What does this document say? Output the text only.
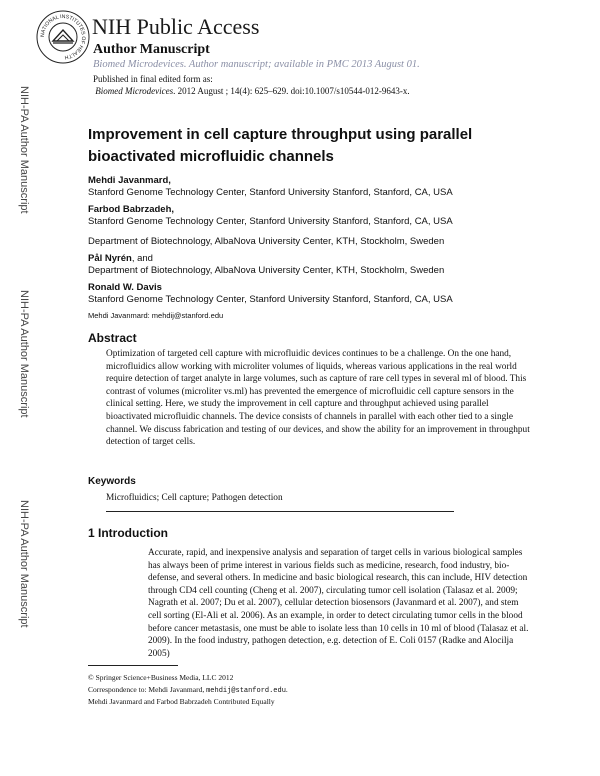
NATIONAL INSTITUTES OF HEALTH
NIH Public Access
Author Manuscript
Biomed Microdevices. Author manuscript; available in PMC 2013 August 01.
Published in final edited form as:
Biomed Microdevices. 2012 August ; 14(4): 625–629. doi:10.1007/s10544-012-9643-x.
NIH-PA Author Manuscript
NIH-PA Author Manuscript
NIH-PA Author Manuscript
Improvement in cell capture throughput using parallel bioactivated microfluidic channels
Mehdi Javanmard,
Stanford Genome Technology Center, Stanford University Stanford, Stanford, CA, USA
Farbod Babrzadeh,
Stanford Genome Technology Center, Stanford University Stanford, Stanford, CA, USA
Department of Biotechnology, AlbaNova University Center, KTH, Stockholm, Sweden
Pål Nyrén, and
Department of Biotechnology, AlbaNova University Center, KTH, Stockholm, Sweden
Ronald W. Davis
Stanford Genome Technology Center, Stanford University Stanford, Stanford, CA, USA
Mehdi Javanmard: mehdij@stanford.edu
Abstract
Optimization of targeted cell capture with microfluidic devices continues to be a challenge. On the one hand, microfluidics allow working with microliter volumes of liquids, whereas various applications in the real world require detection of target analyte in large volumes, such as capture of rare cell types in several ml of blood. This contrast of volumes (microliter vs.ml) has prevented the emergence of microfluidic cell capture sensors in the clinical setting. Here, we study the improvement in cell capture and throughput achieved using parallel bioactivated microfluidic channels. The device consists of channels in parallel with each other tied to a single channel. We discuss fabrication and testing of our devices, and show the ability for an improvement in throughput detection of target cells.
Keywords
Microfluidics; Cell capture; Pathogen detection
1 Introduction
Accurate, rapid, and inexpensive analysis and separation of target cells in various biological samples has always been of prime interest in various fields such as medicine, research, food industry, bio-defense, and several others. In medicine and basic biological research, this can include, HIV detection through CD4 cell counting (Cheng et al. 2007), circulating tumor cell isolation (Talasaz et al. 2009; Nagrath et al. 2007; Du et al. 2007), cellular detection biosensors (Javanmard et al. 2007), and stem cell sorting (El-Ali et al. 2006). As an example, in order to detect circulating tumor cells in the blood before cancer metastasis, one must be able to isolate less than 10 cells in 10 ml of blood (Talasaz et al. 2009). In the food industry, pathogen detection, e.g. detection of E. Coli 0157 (Radke and Alocilja 2005)
© Springer Science+Business Media, LLC 2012
Correspondence to: Mehdi Javanmard, mehdij@stanford.edu.
Mehdi Javanmard and Farbod Babrzadeh Contributed Equally
